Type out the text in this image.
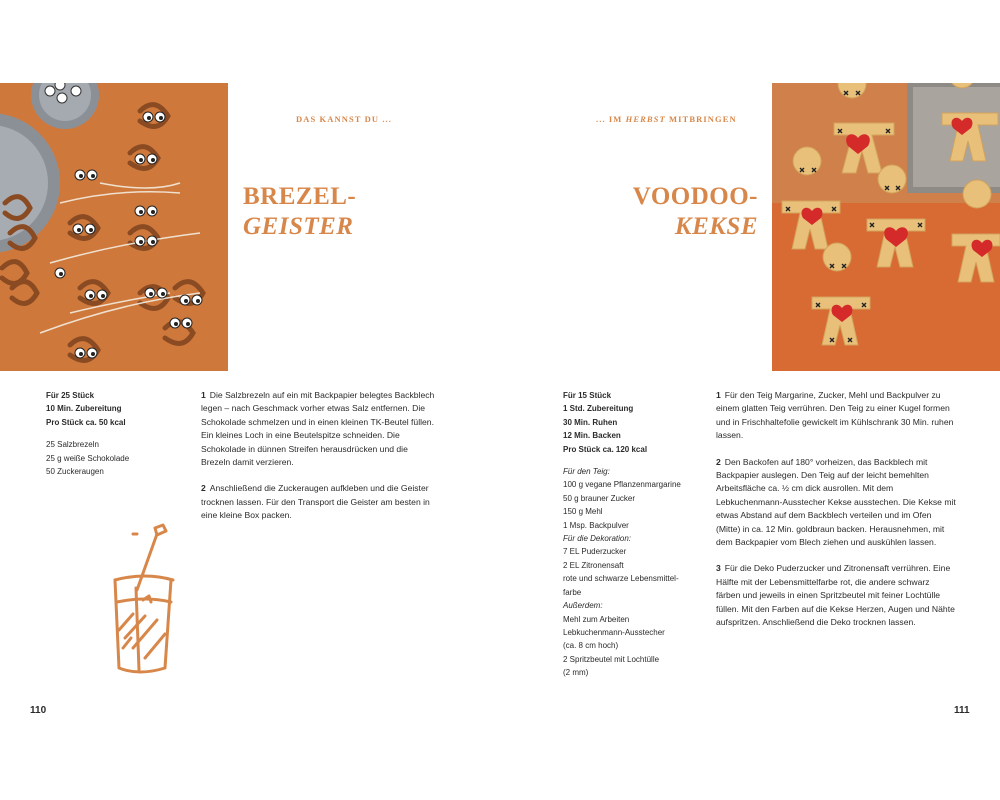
DAS KANNST DU ...
BREZEL-
GEISTER
Für 25 Stück
10 Min. Zubereitung
Pro Stück ca. 50 kcal
25 Salzbrezeln
25 g weiße Schokolade
50 Zuckeraugen

1 Die Salzbrezeln auf ein mit Backpapier belegtes Backblech legen – nach Geschmack vorher etwas Salz entfernen. Die Schokolade schmelzen und in einen kleinen TK-Beutel füllen. Ein kleines Loch in eine Beutelspitze schneiden. Die Schokolade in dünnen Streifen herausdrücken und die Brezeln damit verzieren.

2 Anschließend die Zuckeraugen aufkleben und die Geister trocknen lassen. Für den Transport die Geister am besten in eine kleine Box packen.

110
... IM HERBST MITBRINGEN
VOODOO-
KEKSE
Für 15 Stück
1 Std. Zubereitung
30 Min. Ruhen
12 Min. Backen
Pro Stück ca. 120 kcal
Für den Teig:
100 g vegane Pflanzenmargarine
50 g brauner Zucker
150 g Mehl
1 Msp. Backpulver
Für die Dekoration:
7 EL Puderzucker
2 EL Zitronensaft
rote und schwarze Lebensmittel-
farbe
Außerdem:
Mehl zum Arbeiten
Lebkuchenmann-Ausstecher
(ca. 8 cm hoch)
2 Spritzbeutel mit Lochtülle
(2 mm)

1 Für den Teig Margarine, Zucker, Mehl und Backpulver zu einem glatten Teig verrühren. Den Teig zu einer Kugel formen und in Frischhaltefolie gewickelt im Kühlschrank 30 Min. ruhen lassen.

2 Den Backofen auf 180° vorheizen, das Backblech mit Backpapier auslegen. Den Teig auf der leicht bemehlten Arbeitsfläche ca. ½ cm dick ausrollen. Mit dem Lebkuchenmann-Ausstecher Kekse ausstechen. Die Kekse mit etwas Abstand auf dem Backblech verteilen und im Ofen (Mitte) in ca. 12 Min. goldbraun backen. Herausnehmen, mit dem Backpapier vom Blech ziehen und auskühlen lassen.

3 Für die Deko Puderzucker und Zitronensaft verrühren. Eine Hälfte mit der Lebensmittelfarbe rot, die andere schwarz färben und jeweils in einen Spritzbeutel mit feiner Lochtülle füllen. Mit den Farben auf die Kekse Herzen, Augen und Nähte aufspritzen. Anschließend die Deko trocknen lassen.

111
